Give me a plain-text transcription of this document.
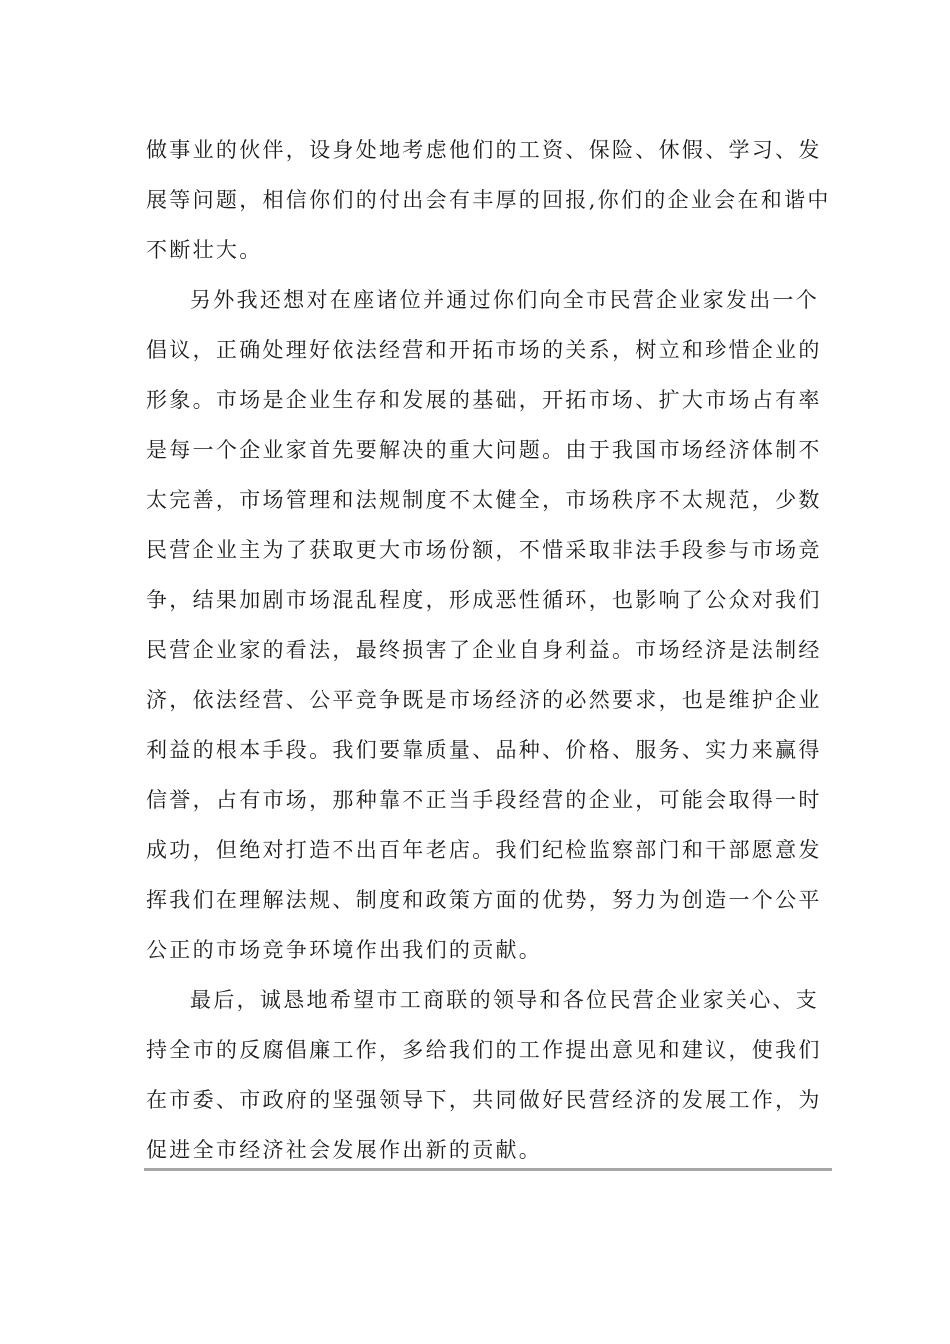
做事业的伙伴，设身处地考虑他们的工资、保险、休假、学习、发
展等问题，相信你们的付出会有丰厚的回报,你们的企业会在和谐中
不断壮大。
另外我还想对在座诸位并通过你们向全市民营企业家发出一个
倡议，正确处理好依法经营和开拓市场的关系，树立和珍惜企业的
形象。市场是企业生存和发展的基础，开拓市场、扩大市场占有率
是每一个企业家首先要解决的重大问题。由于我国市场经济体制不
太完善，市场管理和法规制度不太健全，市场秩序不太规范，少数
民营企业主为了获取更大市场份额，不惜采取非法手段参与市场竞
争，结果加剧市场混乱程度，形成恶性循环，也影响了公众对我们
民营企业家的看法，最终损害了企业自身利益。市场经济是法制经
济，依法经营、公平竞争既是市场经济的必然要求，也是维护企业
利益的根本手段。我们要靠质量、品种、价格、服务、实力来赢得
信誉，占有市场，那种靠不正当手段经营的企业，可能会取得一时
成功，但绝对打造不出百年老店。我们纪检监察部门和干部愿意发
挥我们在理解法规、制度和政策方面的优势，努力为创造一个公平
公正的市场竞争环境作出我们的贡献。
最后，诚恳地希望市工商联的领导和各位民营企业家关心、支
持全市的反腐倡廉工作，多给我们的工作提出意见和建议，使我们
在市委、市政府的坚强领导下，共同做好民营经济的发展工作，为
促进全市经济社会发展作出新的贡献。
